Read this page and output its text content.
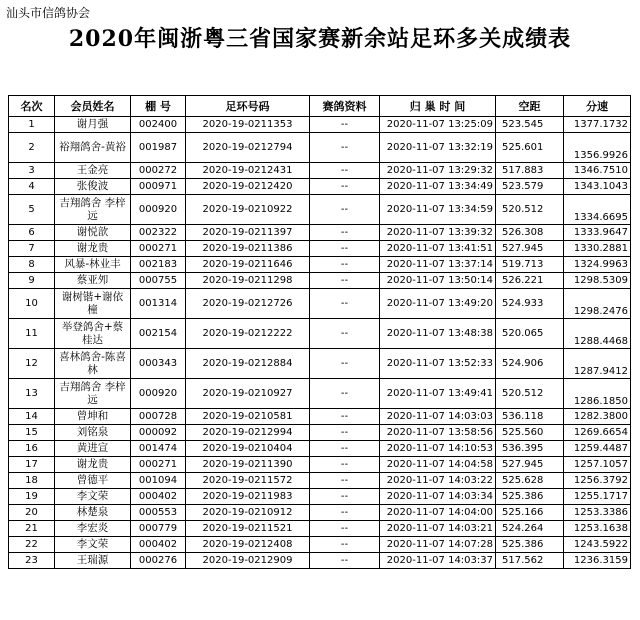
汕头市信鸽协会
2020年闽浙粤三省国家赛新余站足环多关成绩表
名次	会员姓名	棚 号	足环号码	赛鸽资料	归 巢 时 间	空距	分速
1	谢月强	002400	2020-19-0211353	--	2020-11-07 13:25:09	523.545	1377.1732
2	裕翔鸽舍-黄裕	001987	2020-19-0212794	--	2020-11-07 13:32:19	525.601	1356.9926
3	王金亮	000272	2020-19-0212431	--	2020-11-07 13:29:32	517.883	1346.7510
4	张俊波	000971	2020-19-0212420	--	2020-11-07 13:34:49	523.579	1343.1043
5	吉翔鸽舍 李梓远	000920	2020-19-0210922	--	2020-11-07 13:34:59	520.512	1334.6695
6	谢悦歆	002322	2020-19-0211397	--	2020-11-07 13:39:32	526.308	1333.9647
7	谢龙贵	000271	2020-19-0211386	--	2020-11-07 13:41:51	527.945	1330.2881
8	风暴-林业丰	002183	2020-19-0211646	--	2020-11-07 13:37:14	519.713	1324.9963
9	蔡亚夘	000755	2020-19-0211298	--	2020-11-07 13:50:14	526.221	1298.5309
10	谢树锴+谢依橦	001314	2020-19-0212726	--	2020-11-07 13:49:20	524.933	1298.2476
11	举登鸽舍+蔡桂达	002154	2020-19-0212222	--	2020-11-07 13:48:38	520.065	1288.4468
12	喜林鸽舍-陈喜林	000343	2020-19-0212884	--	2020-11-07 13:52:33	524.906	1287.9412
13	吉翔鸽舍 李梓远	000920	2020-19-0210927	--	2020-11-07 13:49:41	520.512	1286.1850
14	曾坤和	000728	2020-19-0210581	--	2020-11-07 14:03:03	536.118	1282.3800
15	刘铭泉	000092	2020-19-0212994	--	2020-11-07 13:58:56	525.560	1269.6654
16	黄进宣	001474	2020-19-0210404	--	2020-11-07 14:10:53	536.395	1259.4487
17	谢龙贵	000271	2020-19-0211390	--	2020-11-07 14:04:58	527.945	1257.1057
18	曾德平	001094	2020-19-0211572	--	2020-11-07 14:03:22	525.628	1256.3792
19	李文荣	000402	2020-19-0211983	--	2020-11-07 14:03:34	525.386	1255.1717
20	林楚泉	000553	2020-19-0210912	--	2020-11-07 14:04:00	525.166	1253.3386
21	李宏炎	000779	2020-19-0211521	--	2020-11-07 14:03:21	524.264	1253.1638
22	李文荣	000402	2020-19-0212408	--	2020-11-07 14:07:28	525.386	1243.5922
23	王瑞源	000276	2020-19-0212909	--	2020-11-07 14:03:37	517.562	1236.3159
